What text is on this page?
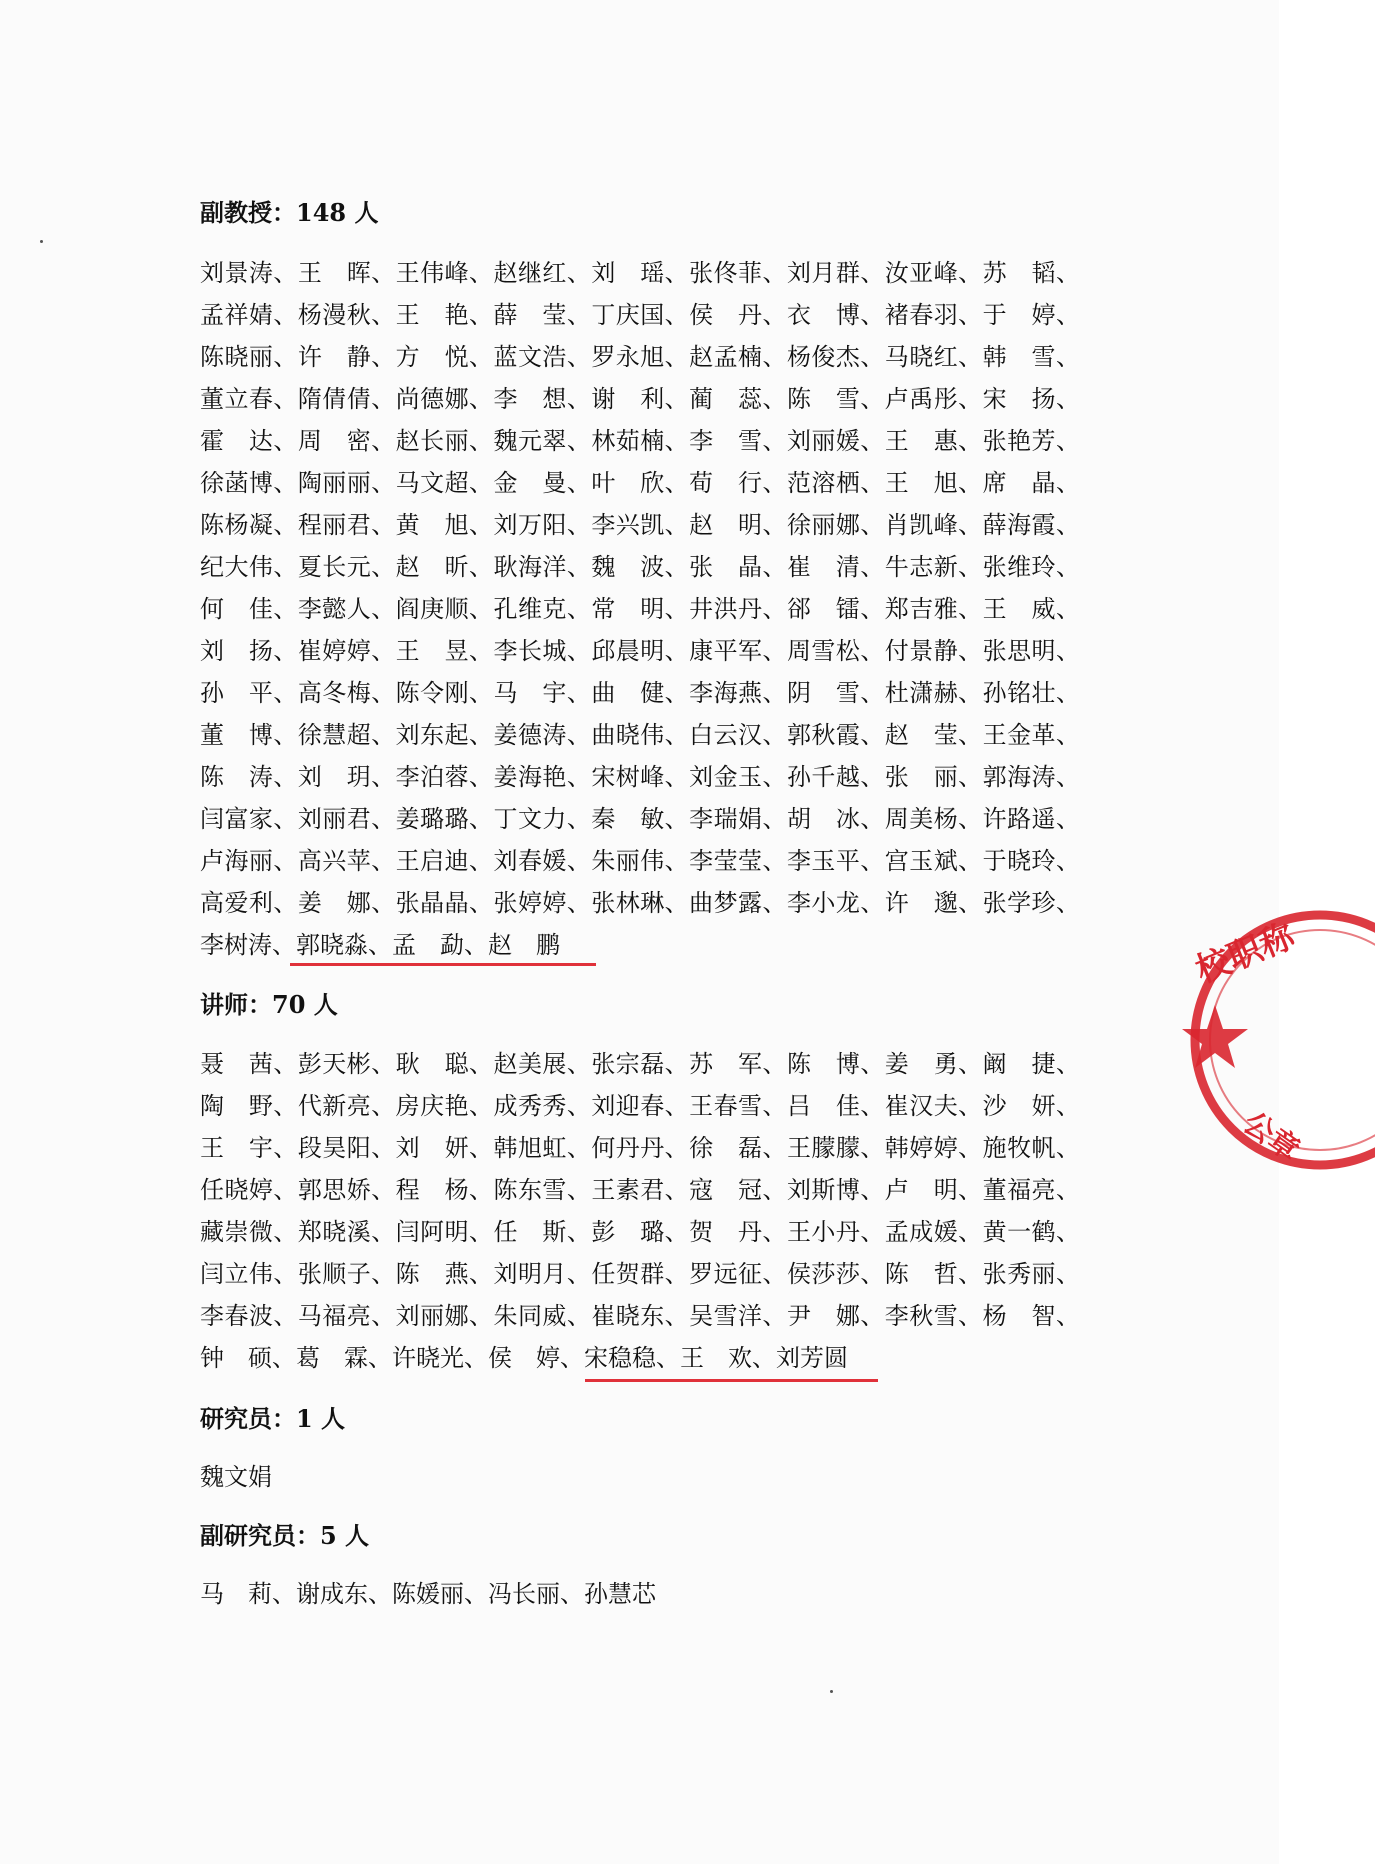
副教授：148 人
刘景涛、王　晖、王伟峰、赵继红、刘　瑶、张佟菲、刘月群、汝亚峰、苏　韬、
孟祥婧、杨漫秋、王　艳、薛　莹、丁庆国、侯　丹、衣　博、褚春羽、于　婷、
陈晓丽、许　静、方　悦、蓝文浩、罗永旭、赵孟楠、杨俊杰、马晓红、韩　雪、
董立春、隋倩倩、尚德娜、李　想、谢　利、蔺　蕊、陈　雪、卢禹彤、宋　扬、
霍　达、周　密、赵长丽、魏元翠、林茹楠、李　雪、刘丽媛、王　惠、张艳芳、
徐菡博、陶丽丽、马文超、金　曼、叶　欣、荀　行、范溶栖、王　旭、席　晶、
陈杨凝、程丽君、黄　旭、刘万阳、李兴凯、赵　明、徐丽娜、肖凯峰、薛海霞、
纪大伟、夏长元、赵　昕、耿海洋、魏　波、张　晶、崔　清、牛志新、张维玲、
何　佳、李懿人、阎庚顺、孔维克、常　明、井洪丹、郤　镭、郑吉雅、王　威、
刘　扬、崔婷婷、王　昱、李长城、邱晨明、康平军、周雪松、付景静、张思明、
孙　平、高冬梅、陈令刚、马　宇、曲　健、李海燕、阴　雪、杜潇赫、孙铭壮、
董　博、徐慧超、刘东起、姜德涛、曲晓伟、白云汉、郭秋霞、赵　莹、王金革、
陈　涛、刘　玥、李泊蓉、姜海艳、宋树峰、刘金玉、孙千越、张　丽、郭海涛、
闫富家、刘丽君、姜璐璐、丁文力、秦　敏、李瑞娟、胡　冰、周美杨、许路遥、
卢海丽、高兴苹、王启迪、刘春媛、朱丽伟、李莹莹、李玉平、宫玉斌、于晓玲、
高爱利、姜　娜、张晶晶、张婷婷、张林琳、曲梦露、李小龙、许　邈、张学珍、
李树涛、郭晓淼、孟　勐、赵　鹏
讲师：70 人
聂　茜、彭天彬、耿　聪、赵美展、张宗磊、苏　军、陈　博、姜　勇、阚　捷、
陶　野、代新亮、房庆艳、成秀秀、刘迎春、王春雪、吕　佳、崔汉夫、沙　妍、
王　宇、段昊阳、刘　妍、韩旭虹、何丹丹、徐　磊、王朦朦、韩婷婷、施牧帆、
任晓婷、郭思娇、程　杨、陈东雪、王素君、寇　冠、刘斯博、卢　明、董福亮、
藏崇微、郑晓溪、闫阿明、任　斯、彭　璐、贺　丹、王小丹、孟成媛、黄一鹤、
闫立伟、张顺子、陈　燕、刘明月、任贺群、罗远征、侯莎莎、陈　哲、张秀丽、
李春波、马福亮、刘丽娜、朱同威、崔晓东、吴雪洋、尹　娜、李秋雪、杨　智、
钟　硕、葛　霖、许晓光、侯　婷、宋稳稳、王　欢、刘芳圆
研究员：1 人
魏文娟
副研究员：5 人
马　莉、谢成东、陈媛丽、冯长丽、孙慧芯
校职称
公章
